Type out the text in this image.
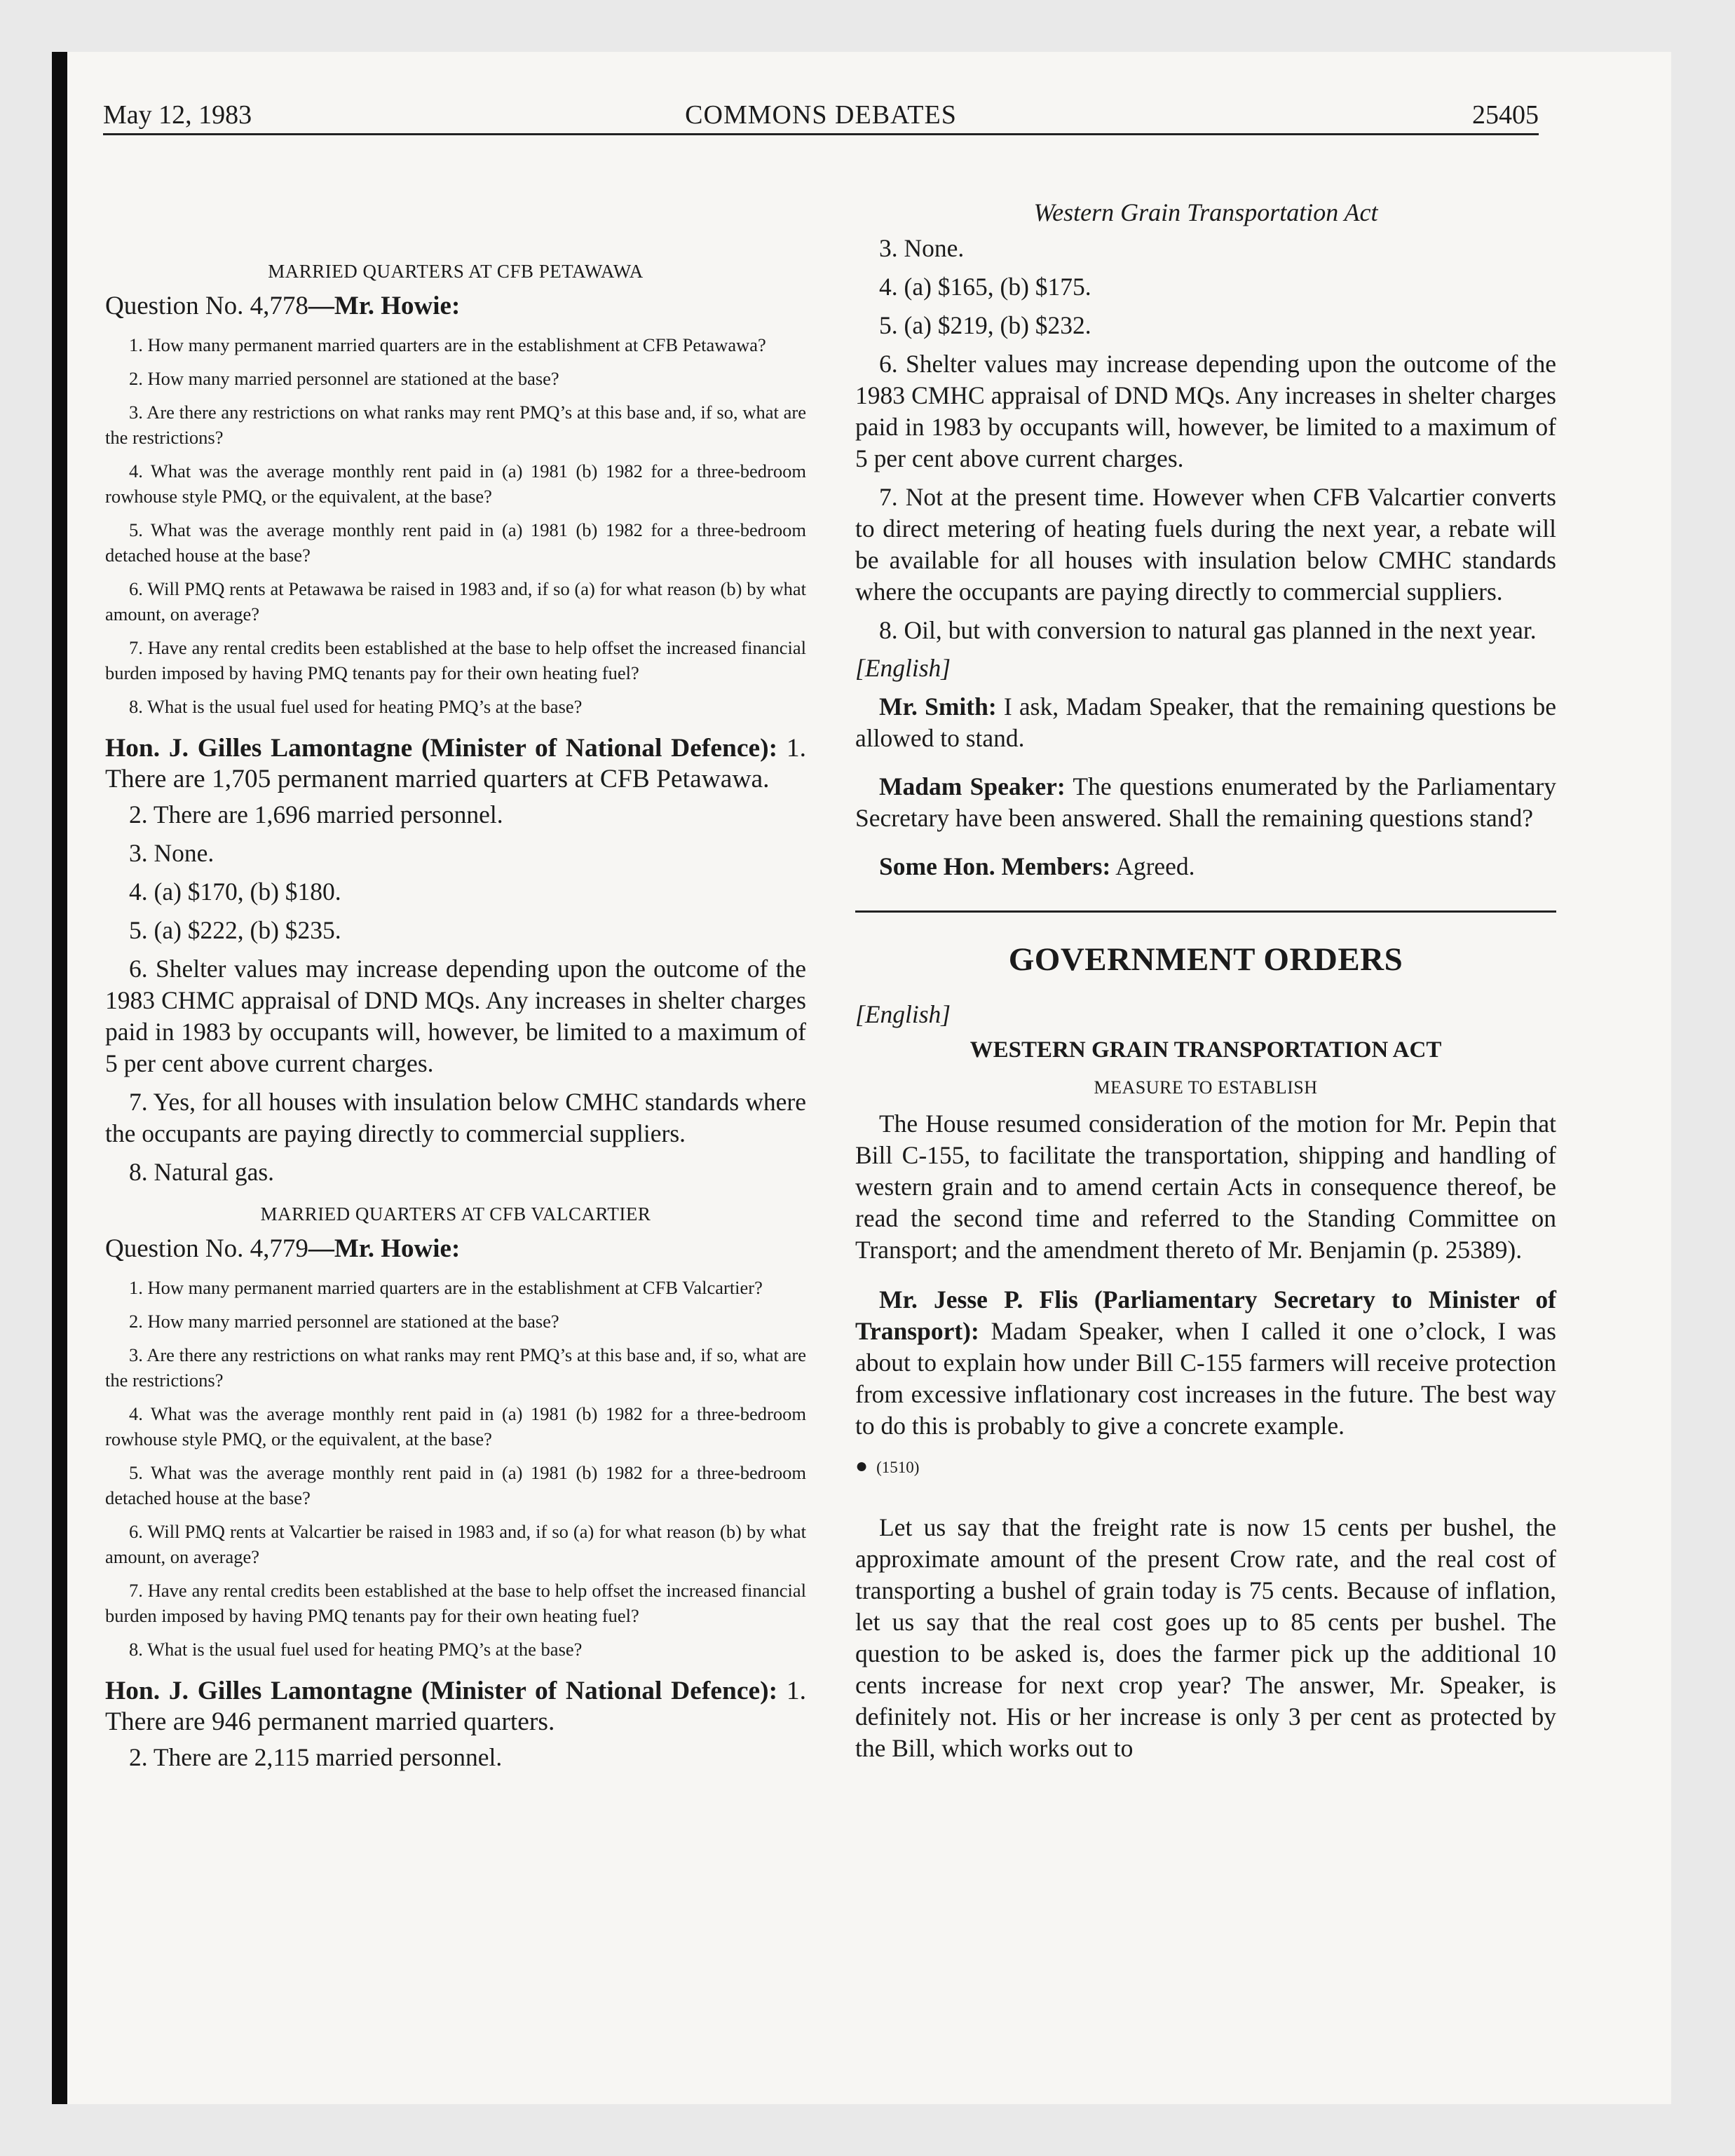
May 12, 1983	COMMONS DEBATES	25405
MARRIED QUARTERS AT CFB PETAWAWA
Question No. 4,778—Mr. Howie:

1. How many permanent married quarters are in the establishment at CFB Petawawa?

2. How many married personnel are stationed at the base?

3. Are there any restrictions on what ranks may rent PMQ’s at this base and, if so, what are the restrictions?

4. What was the average monthly rent paid in (a) 1981 (b) 1982 for a three-bedroom rowhouse style PMQ, or the equivalent, at the base?

5. What was the average monthly rent paid in (a) 1981 (b) 1982 for a three-bedroom detached house at the base?

6. Will PMQ rents at Petawawa be raised in 1983 and, if so (a) for what reason (b) by what amount, on average?

7. Have any rental credits been established at the base to help offset the increased financial burden imposed by having PMQ tenants pay for their own heating fuel?

8. What is the usual fuel used for heating PMQ’s at the base?

Hon. J. Gilles Lamontagne (Minister of National Defence): 1. There are 1,705 permanent married quarters at CFB Petawawa.

2. There are 1,696 married personnel.

3. None.

4. (a) $170, (b) $180.

5. (a) $222, (b) $235.

6. Shelter values may increase depending upon the outcome of the 1983 CHMC appraisal of DND MQs. Any increases in shelter charges paid in 1983 by occupants will, however, be limited to a maximum of 5 per cent above current charges.

7. Yes, for all houses with insulation below CMHC standards where the occupants are paying directly to commercial suppliers.

8. Natural gas.

MARRIED QUARTERS AT CFB VALCARTIER
Question No. 4,779—Mr. Howie:

1. How many permanent married quarters are in the establishment at CFB Valcartier?

2. How many married personnel are stationed at the base?

3. Are there any restrictions on what ranks may rent PMQ’s at this base and, if so, what are the restrictions?

4. What was the average monthly rent paid in (a) 1981 (b) 1982 for a three-bedroom rowhouse style PMQ, or the equivalent, at the base?

5. What was the average monthly rent paid in (a) 1981 (b) 1982 for a three-bedroom detached house at the base?

6. Will PMQ rents at Valcartier be raised in 1983 and, if so (a) for what reason (b) by what amount, on average?

7. Have any rental credits been established at the base to help offset the increased financial burden imposed by having PMQ tenants pay for their own heating fuel?

8. What is the usual fuel used for heating PMQ’s at the base?

Hon. J. Gilles Lamontagne (Minister of National Defence): 1. There are 946 permanent married quarters.

2. There are 2,115 married personnel.

Western Grain Transportation Act

3. None.

4. (a) $165, (b) $175.

5. (a) $219, (b) $232.

6. Shelter values may increase depending upon the outcome of the 1983 CMHC appraisal of DND MQs. Any increases in shelter charges paid in 1983 by occupants will, however, be limited to a maximum of 5 per cent above current charges.

7. Not at the present time. However when CFB Valcartier converts to direct metering of heating fuels during the next year, a rebate will be available for all houses with insulation below CMHC standards where the occupants are paying directly to commercial suppliers.

8. Oil, but with conversion to natural gas planned in the next year.

[English]

Mr. Smith: I ask, Madam Speaker, that the remaining questions be allowed to stand.

Madam Speaker: The questions enumerated by the Parliamentary Secretary have been answered. Shall the remaining questions stand?

Some Hon. Members: Agreed.

GOVERNMENT ORDERS
[English]
WESTERN GRAIN TRANSPORTATION ACT
MEASURE TO ESTABLISH

The House resumed consideration of the motion for Mr. Pepin that Bill C-155, to facilitate the transportation, shipping and handling of western grain and to amend certain Acts in consequence thereof, be read the second time and referred to the Standing Committee on Transport; and the amendment thereto of Mr. Benjamin (p. 25389).

Mr. Jesse P. Flis (Parliamentary Secretary to Minister of Transport): Madam Speaker, when I called it one o’clock, I was about to explain how under Bill C-155 farmers will receive protection from excessive inflationary cost increases in the future. The best way to do this is probably to give a concrete example.

● (1510)

Let us say that the freight rate is now 15 cents per bushel, the approximate amount of the present Crow rate, and the real cost of transporting a bushel of grain today is 75 cents. Because of inflation, let us say that the real cost goes up to 85 cents per bushel. The question to be asked is, does the farmer pick up the additional 10 cents increase for next crop year? The answer, Mr. Speaker, is definitely not. His or her increase is only 3 per cent as protected by the Bill, which works out to
